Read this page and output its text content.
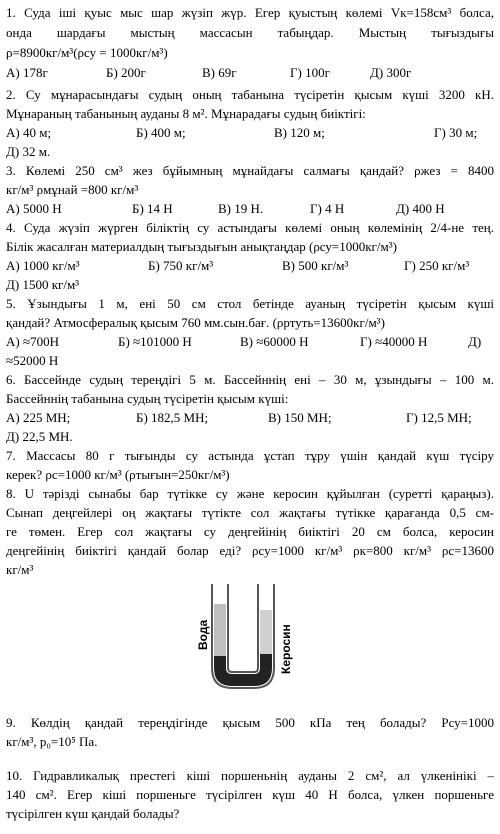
1. Суда іші қуыс мыс шар жүзіп жүр. Егер қуыстың көлемі Vк=158см³ болса,
онда шардағы мыстың массасын табыңдар. Мыстың тығыздығы
ρ=8900кг/м³(ρсу = 1000кг/м³)
А) 178г	Б) 200г	В) 69г	Г) 100г	Д) 300г
2. Су мұнарасындағы судың оның табанына түсіретін қысым күші 3200 кН.
Мұнараның табанының ауданы 8 м². Мұнарадағы судың биіктігі:
А) 40 м;	Б) 400 м;	В) 120 м;	Г) 30 м;
Д) 32 м.
3. Көлемі 250 см³ жез бұйымның мұнайдағы салмағы қандай? ρжез = 8400
кг/м³ ρмұнай =800 кг/м³
А) 5000 Н	Б) 14 Н	В) 19 Н.	Г) 4 Н	Д) 400 Н
4. Суда жүзіп жүрген біліктің су астындағы көлемі оның көлемінің 2/4-не тең.
Білік жасалған материалдың тығыздығын анықтаңдар (ρсу=1000кг/м³)
А) 1000 кг/м³	Б) 750 кг/м³	В) 500 кг/м³	Г) 250 кг/м³
Д) 1500 кг/м³
5. Ұзындығы 1 м, ені 50 см стол бетінде ауаның түсіретін қысым күші
қандай? Атмосфералық қысым 760 мм.сын.бағ. (ρртуть=13600кг/м³)
А) ≈700Н	Б) ≈101000 Н	В) ≈60000 Н	Г) ≈40000 Н	Д)
≈52000 Н
6. Бассейнде судың тереңдігі 5 м. Бассейннің ені – 30 м, ұзындығы – 100 м.
Бассейннің табанына судың түсіретін қысым күші:
А) 225 МН;	Б) 182,5 МН;	В) 150 МН;	Г) 12,5 МН;
Д) 22,5 МН.
7. Массасы 80 г тығынды су астында ұстап тұру үшін қандай күш түсіру
керек? ρс=1000 кг/м³ (ρтығын=250кг/м³)
8. U тәрізді сынабы бар түтікке су және керосин құйылған (суретті қараңыз).
Сынап деңгейлері оң жақтағы түтікте сол жақтағы түтікке қарағанда 0,5 см-
ге төмен. Егер сол жақтағы су деңгейінің биіктігі 20 см болса, керосин
деңгейінің биіктігі қандай болар еді? ρсу=1000 кг/м³ ρк=800 кг/м³ ρс=13600
кг/м³
Вода	Керосин
9. Көлдің қандай тереңдігінде қысым 500 кПа тең болады? Pсу=1000
кг/м³, p₀=10⁵ Па.
10. Гидравликалық престегі кіші поршеньнің ауданы 2 см², ал үлкенінікі –
140 см². Егер кіші поршеньге түсірілген күш 40 Н болса, үлкен поршеньге
түсірілген күш қандай болады?
